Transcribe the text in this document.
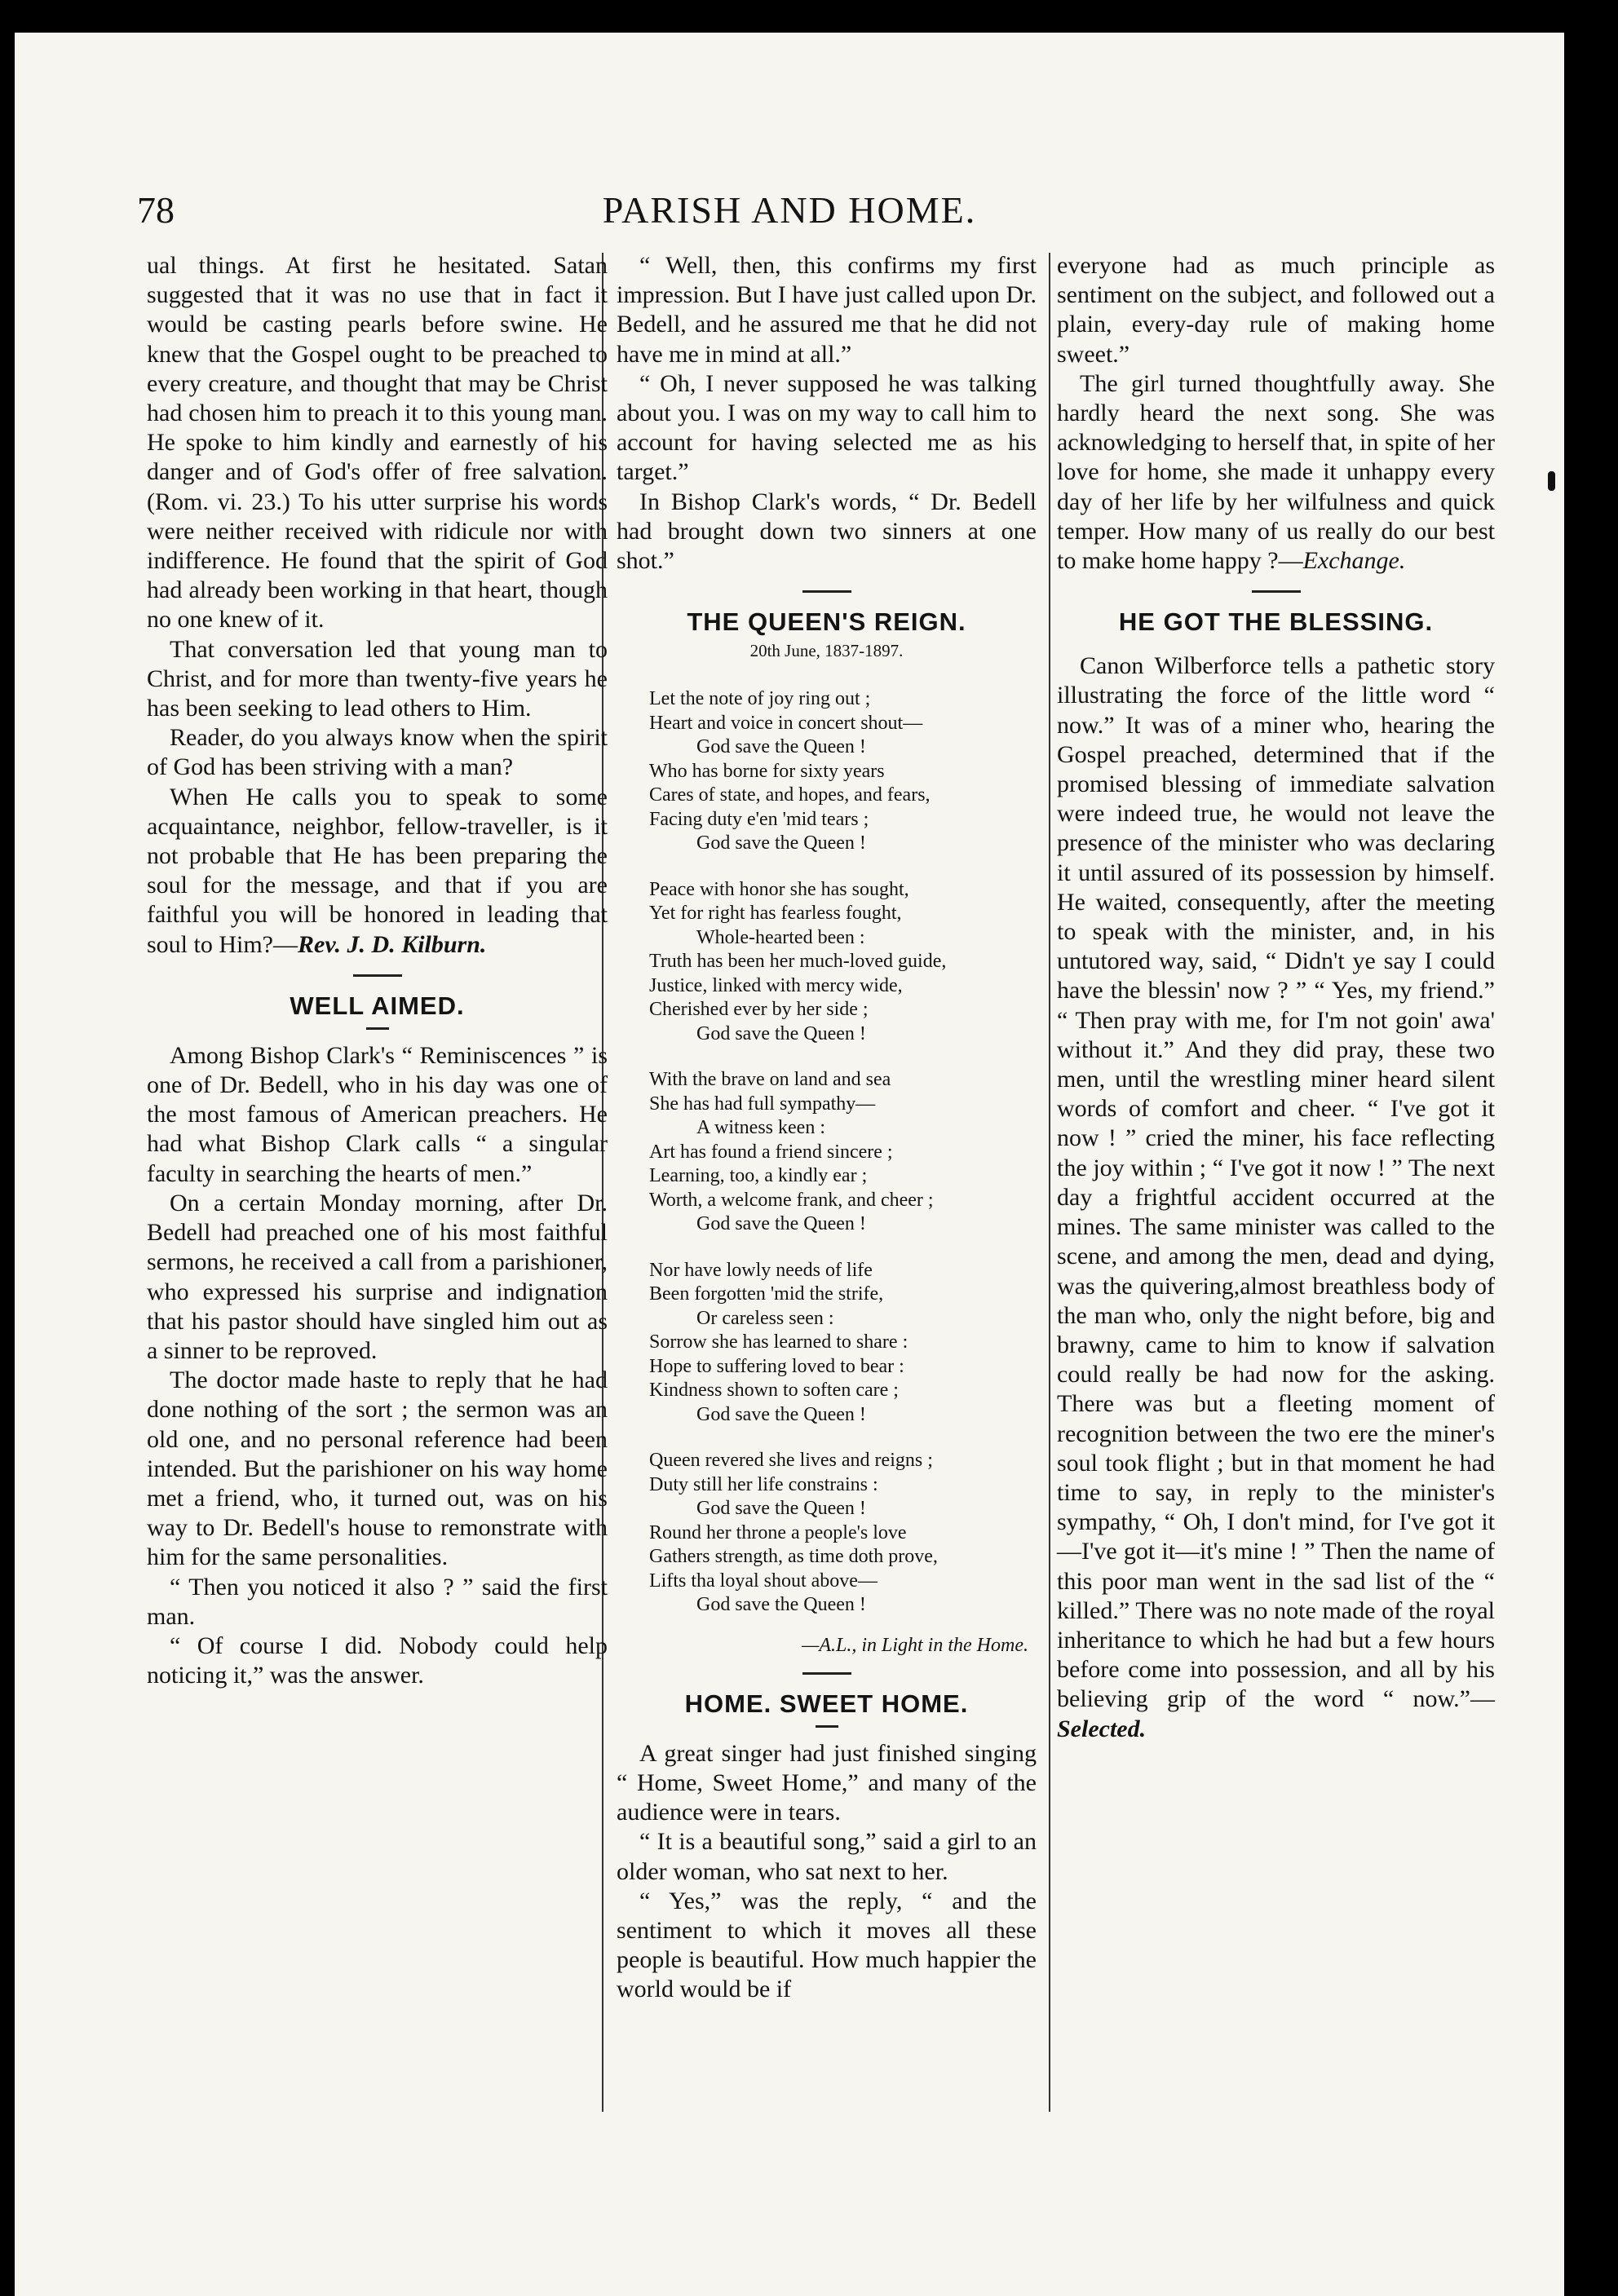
78	PARISH AND HOME.

ual things. At first he hesitated. Satan suggested that it was no use that in fact it would be casting pearls before swine. He knew that the Gospel ought to be preached to every creature, and thought that may be Christ had chosen him to preach it to this young man. He spoke to him kindly and earnestly of his danger and of God's offer of free salvation. (Rom. vi. 23.) To his utter surprise his words were neither received with ridicule nor with indifference. He found that the spirit of God had already been working in that heart, though no one knew of it.

That conversation led that young man to Christ, and for more than twenty-five years he has been seeking to lead others to Him.

Reader, do you always know when the spirit of God has been striving with a man?

When He calls you to speak to some acquaintance, neighbor, fellow-traveller, is it not probable that He has been preparing the soul for the message, and that if you are faithful you will be honored in leading that soul to Him?—Rev. J. D. Kilburn.

WELL AIMED.

Among Bishop Clark's “ Reminiscences ” is one of Dr. Bedell, who in his day was one of the most famous of American preachers. He had what Bishop Clark calls “ a singular faculty in searching the hearts of men.”

On a certain Monday morning, after Dr. Bedell had preached one of his most faithful sermons, he received a call from a parishioner, who expressed his surprise and indignation that his pastor should have singled him out as a sinner to be reproved.

The doctor made haste to reply that he had done nothing of the sort ; the sermon was an old one, and no personal reference had been intended. But the parishioner on his way home met a friend, who, it turned out, was on his way to Dr. Bedell's house to remonstrate with him for the same personalities.

“ Then you noticed it also ? ” said the first man.

“ Of course I did. Nobody could help noticing it,” was the answer.

“ Well, then, this confirms my first impression. But I have just called upon Dr. Bedell, and he assured me that he did not have me in mind at all.”

“ Oh, I never supposed he was talking about you. I was on my way to call him to account for having selected me as his target.”

In Bishop Clark's words, “ Dr. Bedell had brought down two sinners at one shot.”

THE QUEEN'S REIGN.
20th June, 1837-1897.
Let the note of joy ring out ;
Heart and voice in concert shout—
God save the Queen !
Who has borne for sixty years
Cares of state, and hopes, and fears,
Facing duty e'en 'mid tears ;
God save the Queen !
Peace with honor she has sought,
Yet for right has fearless fought,
Whole-hearted been :
Truth has been her much-loved guide,
Justice, linked with mercy wide,
Cherished ever by her side ;
God save the Queen !
With the brave on land and sea
She has had full sympathy—
A witness keen :
Art has found a friend sincere ;
Learning, too, a kindly ear ;
Worth, a welcome frank, and cheer ;
God save the Queen !
Nor have lowly needs of life
Been forgotten 'mid the strife,
Or careless seen :
Sorrow she has learned to share :
Hope to suffering loved to bear :
Kindness shown to soften care ;
God save the Queen !
Queen revered she lives and reigns ;
Duty still her life constrains :
God save the Queen !
Round her throne a people's love
Gathers strength, as time doth prove,
Lifts tha loyal shout above—
God save the Queen !
—A.L., in Light in the Home.
HOME. SWEET HOME.

A great singer had just finished singing “ Home, Sweet Home,” and many of the audience were in tears.

“ It is a beautiful song,” said a girl to an older woman, who sat next to her.

“ Yes,” was the reply, “ and the sentiment to which it moves all these people is beautiful. How much happier the world would be if

everyone had as much principle as sentiment on the subject, and followed out a plain, every-day rule of making home sweet.”

The girl turned thoughtfully away. She hardly heard the next song. She was acknowledging to herself that, in spite of her love for home, she made it unhappy every day of her life by her wilfulness and quick temper. How many of us really do our best to make home happy ?—Exchange.

HE GOT THE BLESSING.

Canon Wilberforce tells a pathetic story illustrating the force of the little word “ now.” It was of a miner who, hearing the Gospel preached, determined that if the promised blessing of immediate salvation were indeed true, he would not leave the presence of the minister who was declaring it until assured of its possession by himself. He waited, consequently, after the meeting to speak with the minister, and, in his untutored way, said, “ Didn't ye say I could have the blessin' now ? ” “ Yes, my friend.” “ Then pray with me, for I'm not goin' awa' without it.” And they did pray, these two men, until the wrestling miner heard silent words of comfort and cheer. “ I've got it now ! ” cried the miner, his face reflecting the joy within ; “ I've got it now ! ” The next day a frightful accident occurred at the mines. The same minister was called to the scene, and among the men, dead and dying, was the quivering,almost breathless body of the man who, only the night before, big and brawny, came to him to know if salvation could really be had now for the asking. There was but a fleeting moment of recognition between the two ere the miner's soul took flight ; but in that moment he had time to say, in reply to the minister's sympathy, “ Oh, I don't mind, for I've got it—I've got it—it's mine ! ” Then the name of this poor man went in the sad list of the “ killed.” There was no note made of the royal inheritance to which he had but a few hours before come into possession, and all by his believing grip of the word “ now.”—Selected.
